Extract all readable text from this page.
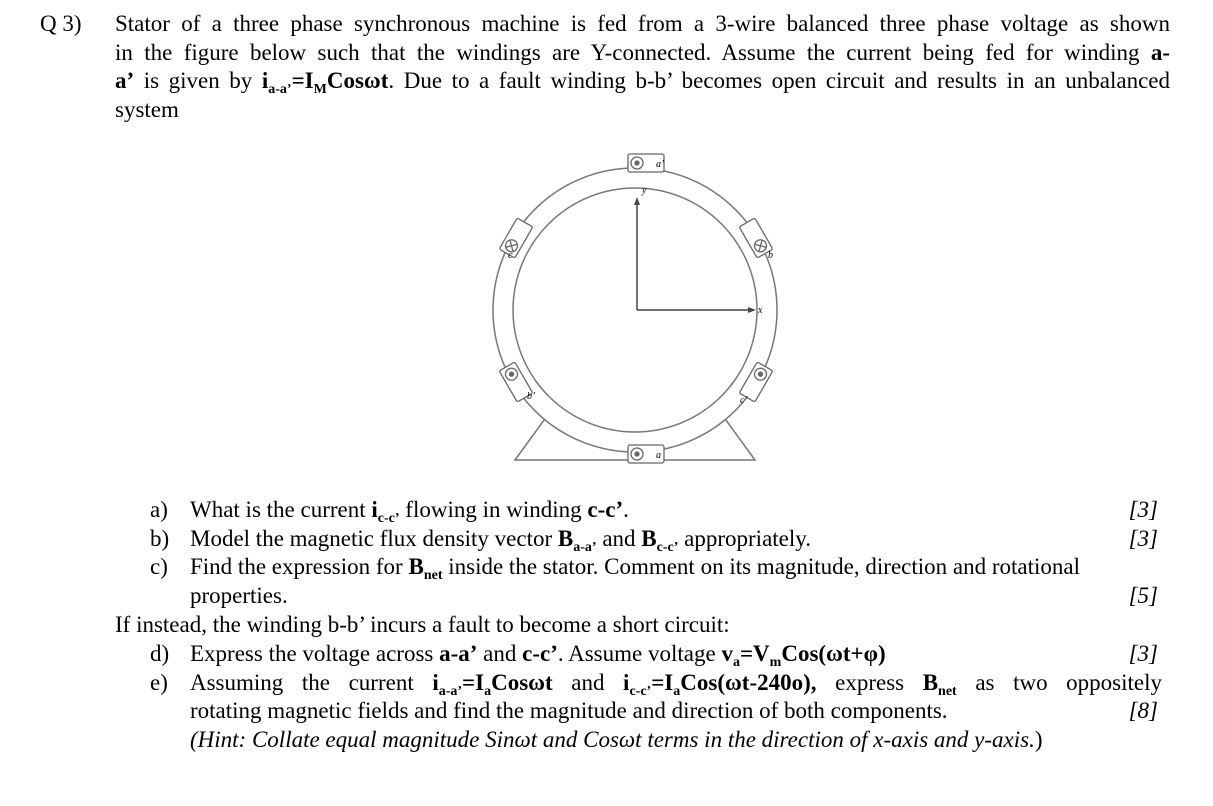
Q 3) Stator of a three phase synchronous machine is fed from a 3-wire balanced three phase voltage as shown
in the figure below such that the windings are Y-connected. Assume the current being fed for winding a-
a’ is given by $i_{a-a’}=I_MCos\omega t$. Due to a fault winding b-b’ becomes open circuit and results in an unbalanced
system
a’
a
c	b
b’	c’
y
x
a) What is the current $i_{c-c’}$ flowing in winding c-c’.	[3]
b) Model the magnetic flux density vector $B_{a-a’}$ and $B_{c-c’}$ appropriately.	[3]
c) Find the expression for $B_{net}$ inside the stator. Comment on its magnitude, direction and rotational
properties.	[5]
If instead, the winding b-b’ incurs a fault to become a short circuit:
d) Express the voltage across a-a’ and c-c’. Assume voltage $v_a=V_mCos(\omega t+\varphi)$	[3]
e) Assuming the current $i_{a-a’}=I_aCos\omega t$ and $i_{c-c’}=I_aCos(\omega t-240o)$, express $B_{net}$ as two oppositely
rotating magnetic fields and find the magnitude and direction of both components.	[8]
(Hint: Collate equal magnitude Sinωt and Cosωt terms in the direction of x-axis and y-axis.)
